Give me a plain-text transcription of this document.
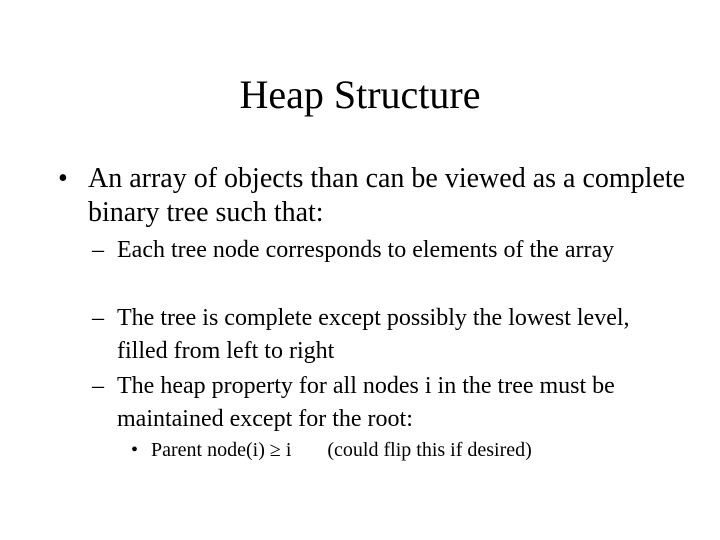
Heap Structure
• An array of objects than can be viewed as a complete binary tree such that:
– Each tree node corresponds to elements of the array
– The tree is complete except possibly the lowest level, filled from left to right
– The heap property for all nodes i in the tree must be maintained except for the root:
• Parent node(i) ≥ i (could flip this if desired)
